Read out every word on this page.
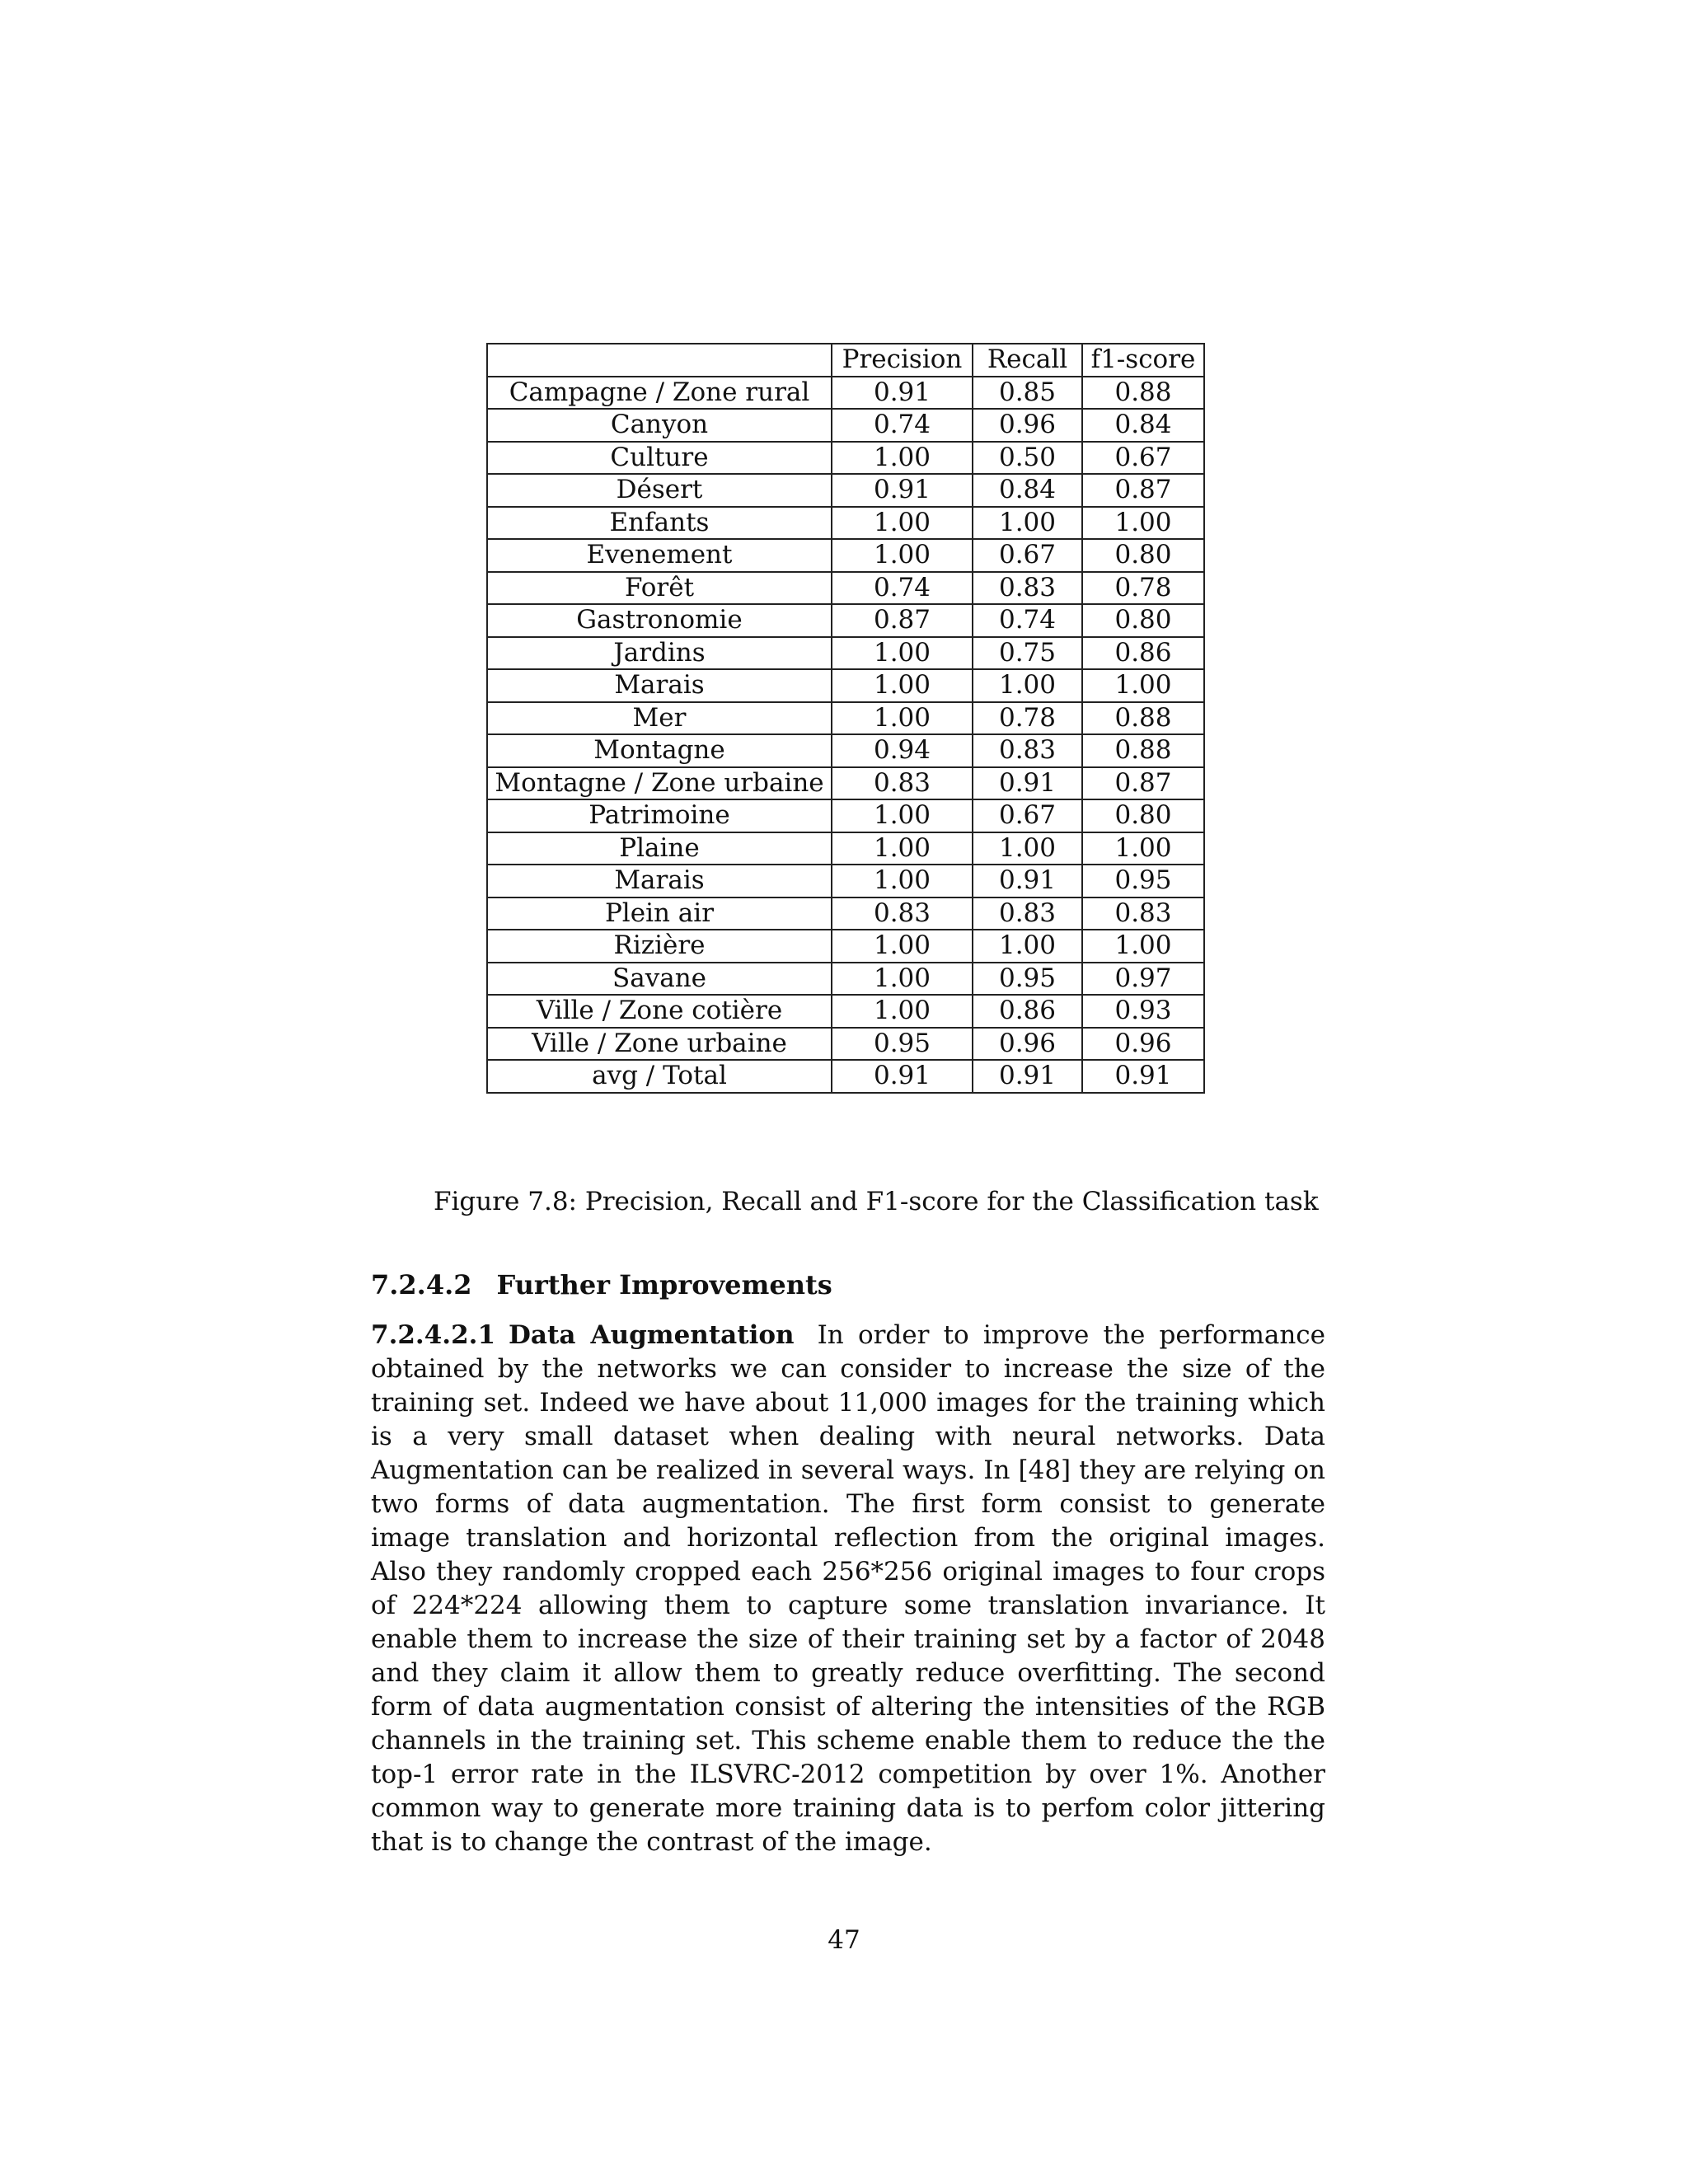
	Precision	Recall	f1-score
Campagne / Zone rural	0.91	0.85	0.88
Canyon	0.74	0.96	0.84
Culture	1.00	0.50	0.67
Désert	0.91	0.84	0.87
Enfants	1.00	1.00	1.00
Evenement	1.00	0.67	0.80
Forêt	0.74	0.83	0.78
Gastronomie	0.87	0.74	0.80
Jardins	1.00	0.75	0.86
Marais	1.00	1.00	1.00
Mer	1.00	0.78	0.88
Montagne	0.94	0.83	0.88
Montagne / Zone urbaine	0.83	0.91	0.87
Patrimoine	1.00	0.67	0.80
Plaine	1.00	1.00	1.00
Marais	1.00	0.91	0.95
Plein air	0.83	0.83	0.83
Rizière	1.00	1.00	1.00
Savane	1.00	0.95	0.97
Ville / Zone cotière	1.00	0.86	0.93
Ville / Zone urbaine	0.95	0.96	0.96
avg / Total	0.91	0.91	0.91
Figure 7.8: Precision, Recall and F1-score for the Classification task
7.2.4.2 Further Improvements

7.2.4.2.1 Data Augmentation In order to improve the performance obtained by the networks we can consider to increase the size of the training set. Indeed we have about 11,000 images for the training which is a very small dataset when dealing with neural networks. Data Augmentation can be realized in several ways. In [48] they are relying on two forms of data augmentation. The first form consist to generate image translation and horizontal reflection from the original images. Also they randomly cropped each 256*256 original images to four crops of 224*224 allowing them to capture some translation invariance. It enable them to increase the size of their training set by a factor of 2048 and they claim it allow them to greatly reduce overfitting. The second form of data augmentation consist of altering the intensities of the RGB channels in the training set. This scheme enable them to reduce the the top-1 error rate in the ILSVRC-2012 competition by over 1%. Another common way to generate more training data is to perfom color jittering that is to change the contrast of the image.

47
